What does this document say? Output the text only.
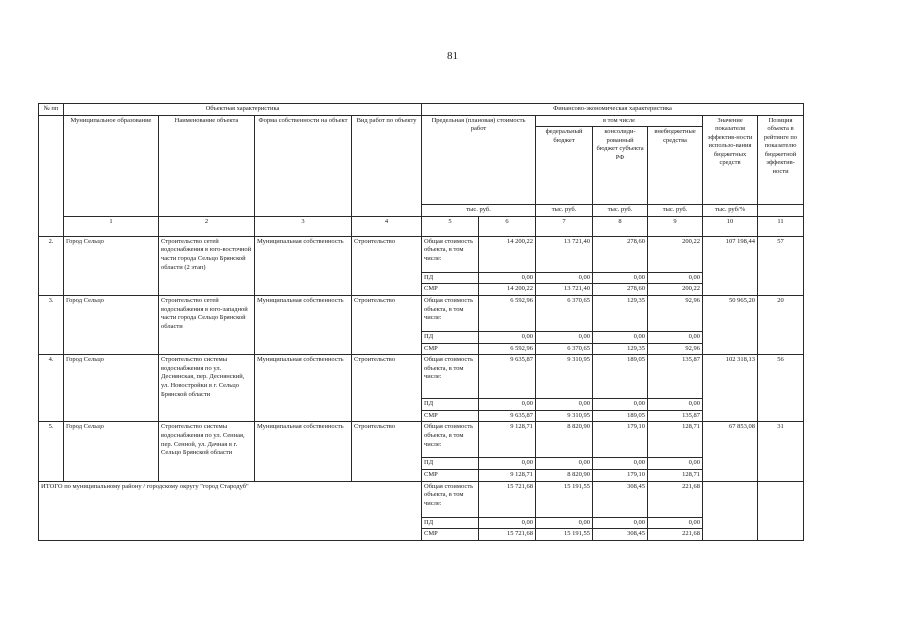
81
№ пп	Объектная характеристика				Финансово-экономическая характеристика							
	Муниципальное образование	Наименование объекта	Форма собственности на объект	Вид работ по объекту	Предельная (плановая) стоимость работ		в том числе			Значение показателя эффектив-ности использо-вания бюджетных средств	Позиция объекта в рейтинге по показателю бюджетной эффектив-ности	
							федеральный бюджет	консолиди-рованный бюджет субъекта РФ	внебюджетные средства			
					тыс. руб.		тыс. руб.	тыс. руб.	тыс. руб.	тыс. руб/%		
	1	2	3	4	5	6	7	8	9	10	11	
2.	Город Сельцо	Строительство сетей водоснабжения в юго-восточной части города Сельцо Брянской области (2 этап)	Муниципальная собственность	Строительство	Общая стоимость объекта, в том числе:	14 200,22	13 721,40	278,60	200,22	107 198,44	57	
					ПД	0,00	0,00	0,00	0,00			
					СМР	14 200,22	13 721,40	278,60	200,22			
3.	Город Сельцо	Строительство сетей водоснабжения в юго-западной части города Сельцо Брянской области	Муниципальная собственность	Строительство	Общая стоимость объекта, в том числе:	6 592,96	6 370,65	129,35	92,96	50 965,20	20	
					ПД	0,00	0,00	0,00	0,00			
					СМР	6 592,96	6 370,65	129,35	92,96			
4.	Город Сельцо	Строительство системы водоснабжения по ул. Деснянская, пер. Деснянский, ул. Новостройки в г. Сельцо Брянской области	Муниципальная собственность	Строительство	Общая стоимость объекта, в том числе:	9 635,87	9 310,95	189,05	135,87	102 318,13	56	
					ПД	0,00	0,00	0,00	0,00			
					СМР	9 635,87	9 310,95	189,05	135,87			
5.	Город Сельцо	Строительство системы водоснабжения по ул. Сенная, пер. Сенной, ул. Дачная в г. Сельцо Брянской области	Муниципальная собственность	Строительство	Общая стоимость объекта, в том числе:	9 128,71	8 820,90	179,10	128,71	67 853,08	31	
					ПД	0,00	0,00	0,00	0,00			
					СМР	9 128,71	8 820,90	179,10	128,71			
ИТОГО по муниципальному району / городскому округу "город Стародуб"					Общая стоимость объекта, в том числе:	15 721,68	15 191,55	308,45	221,68			
					ПД	0,00	0,00	0,00	0,00			
					СМР	15 721,68	15 191,55	308,45	221,68			
